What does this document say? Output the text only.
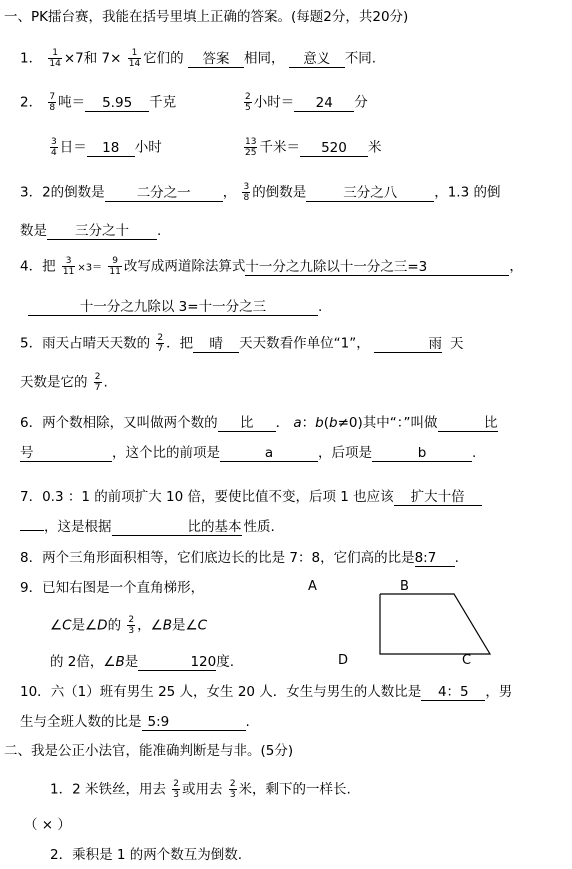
一、PK擂台赛，我能在括号里填上正确的答案。(每题2分，共20分)
1． $\frac{1}{14} \times 7$和 $7\times \frac{1}{14}$ 它们的 答案 相同， 意义 不同.
2． $\frac{7}{8}$ 吨＝ 5.95 千克	$\frac{2}{5}$ 小时＝ 24 分
$\frac{3}{4}$ 日＝ 18 小时	$\frac{13}{25}$ 千米＝ 520 米
3．2的倒数是 二分之一 ， $\frac{3}{8}$ 的倒数是	三分之八	，1.3 的倒
数是 三分之十 .
4．把 $\frac{3}{11} \times 3= \frac{9}{11}$ 改写成两道除法算式十一分之九除以十一分之三=3	，
十一分之九除以 3=十一分之三	.
5．雨天占晴天天数的 $\frac{2}{7}$ ．把 晴 天天数看作单位“1”，	雨 天
天数是它的 $\frac{2}{7}$ .
6．两个数相除，又叫做两个数的 比 ． a：b(b≠0)其中“：”叫做	比
号	，这个比的前项是	a	，后项是	b	.
7．0.3 ：1 的前项扩大 10 倍，要使比值不变，后项 1 也应该 扩大十倍
，这是根据	比的基本 性质.
8．两个三角形面积相等，它们底边长的比是 7：8，它们高的比是8:7 .
9．已知右图是一个直角梯形，
∠C是∠D的 $\frac{2}{3}$ ，∠B是∠C
的 2倍，∠B是	120度.
A	B
D	C
10．六（1）班有男生 25 人，女生 20 人．女生与男生的人数比是 4：5 ，男
生与全班人数的比是 5:9	.
二、我是公正小法官，能准确判断是与非。(5分)
1．2 米铁丝，用去 $\frac{2}{3}$ 或用去 $\frac{2}{3}$ 米，剩下的一样长.
（ × ）
2．乘积是 1 的两个数互为倒数.
